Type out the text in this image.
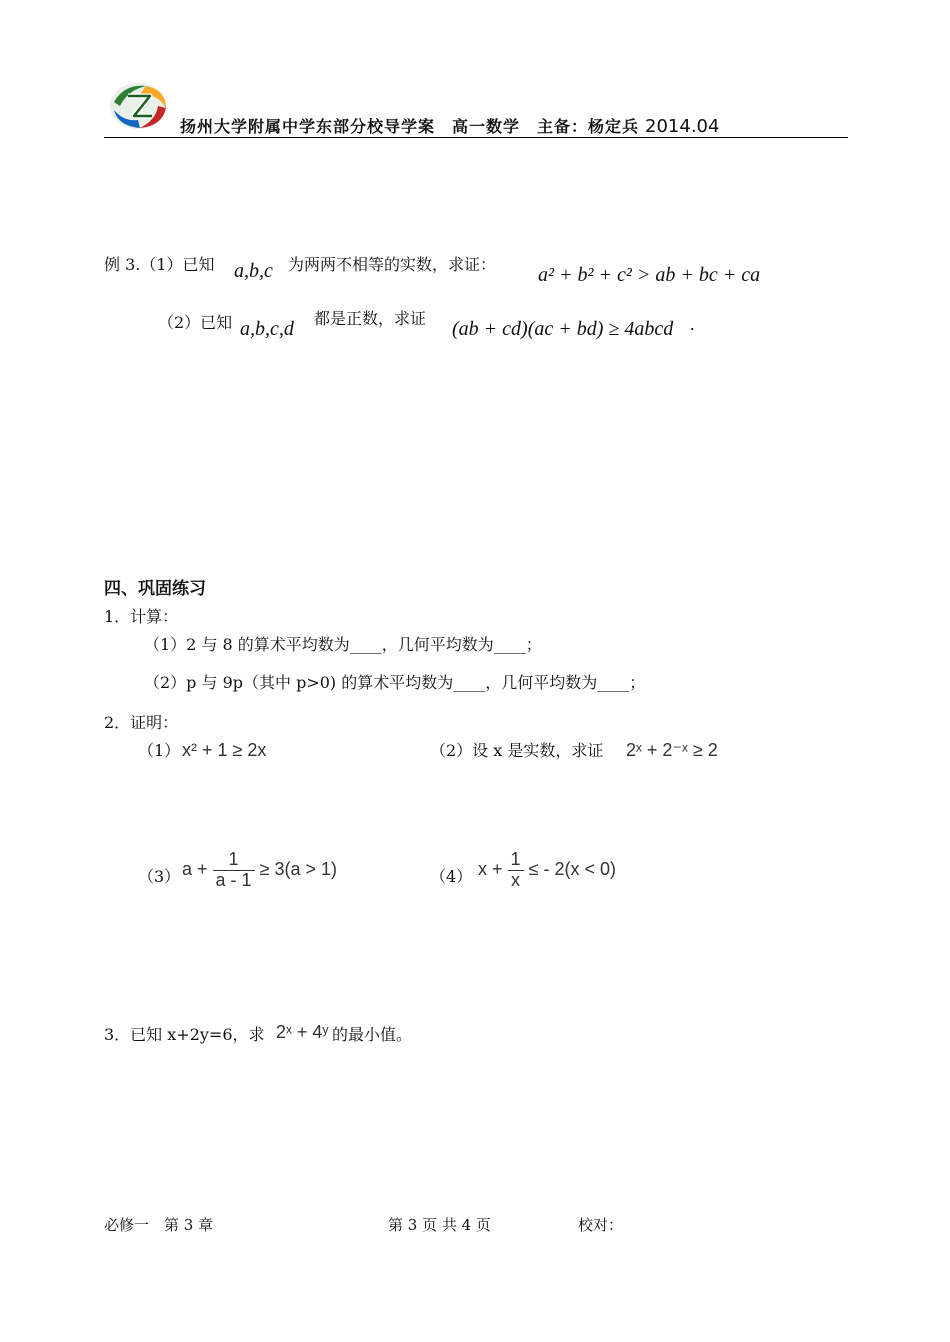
扬州大学附属中学东部分校导学案　高一数学　主备：杨定兵 2014.04
例 3.（1）已知 a,b,c 为两两不相等的实数，求证： a² + b² + c² > ab + bc + ca
（2）已知 a,b,c,d 都是正数，求证 (ab + cd)(ac + bd) ≥ 4abcd .
四、巩固练习
1．计算：
（1）2 与 8 的算术平均数为____，几何平均数为____；
（2）p 与 9p（其中 p>0) 的算术平均数为____，几何平均数为____；
2．证明：
（1） x² + 1 ≥ 2x	（2）设 x 是实数，求证 2ˣ + 2⁻ˣ ≥ 2
（3） $a + \frac{1}{a - 1} \ge 3(a > 1)$	（4） $x + \frac{1}{x}$ ≤ - 2(x < 0)
3．已知 x+2y=6，求 2ˣ + 4ʸ 的最小值。
必修一　第 3 章	第 3 页 共 4 页	校对：
